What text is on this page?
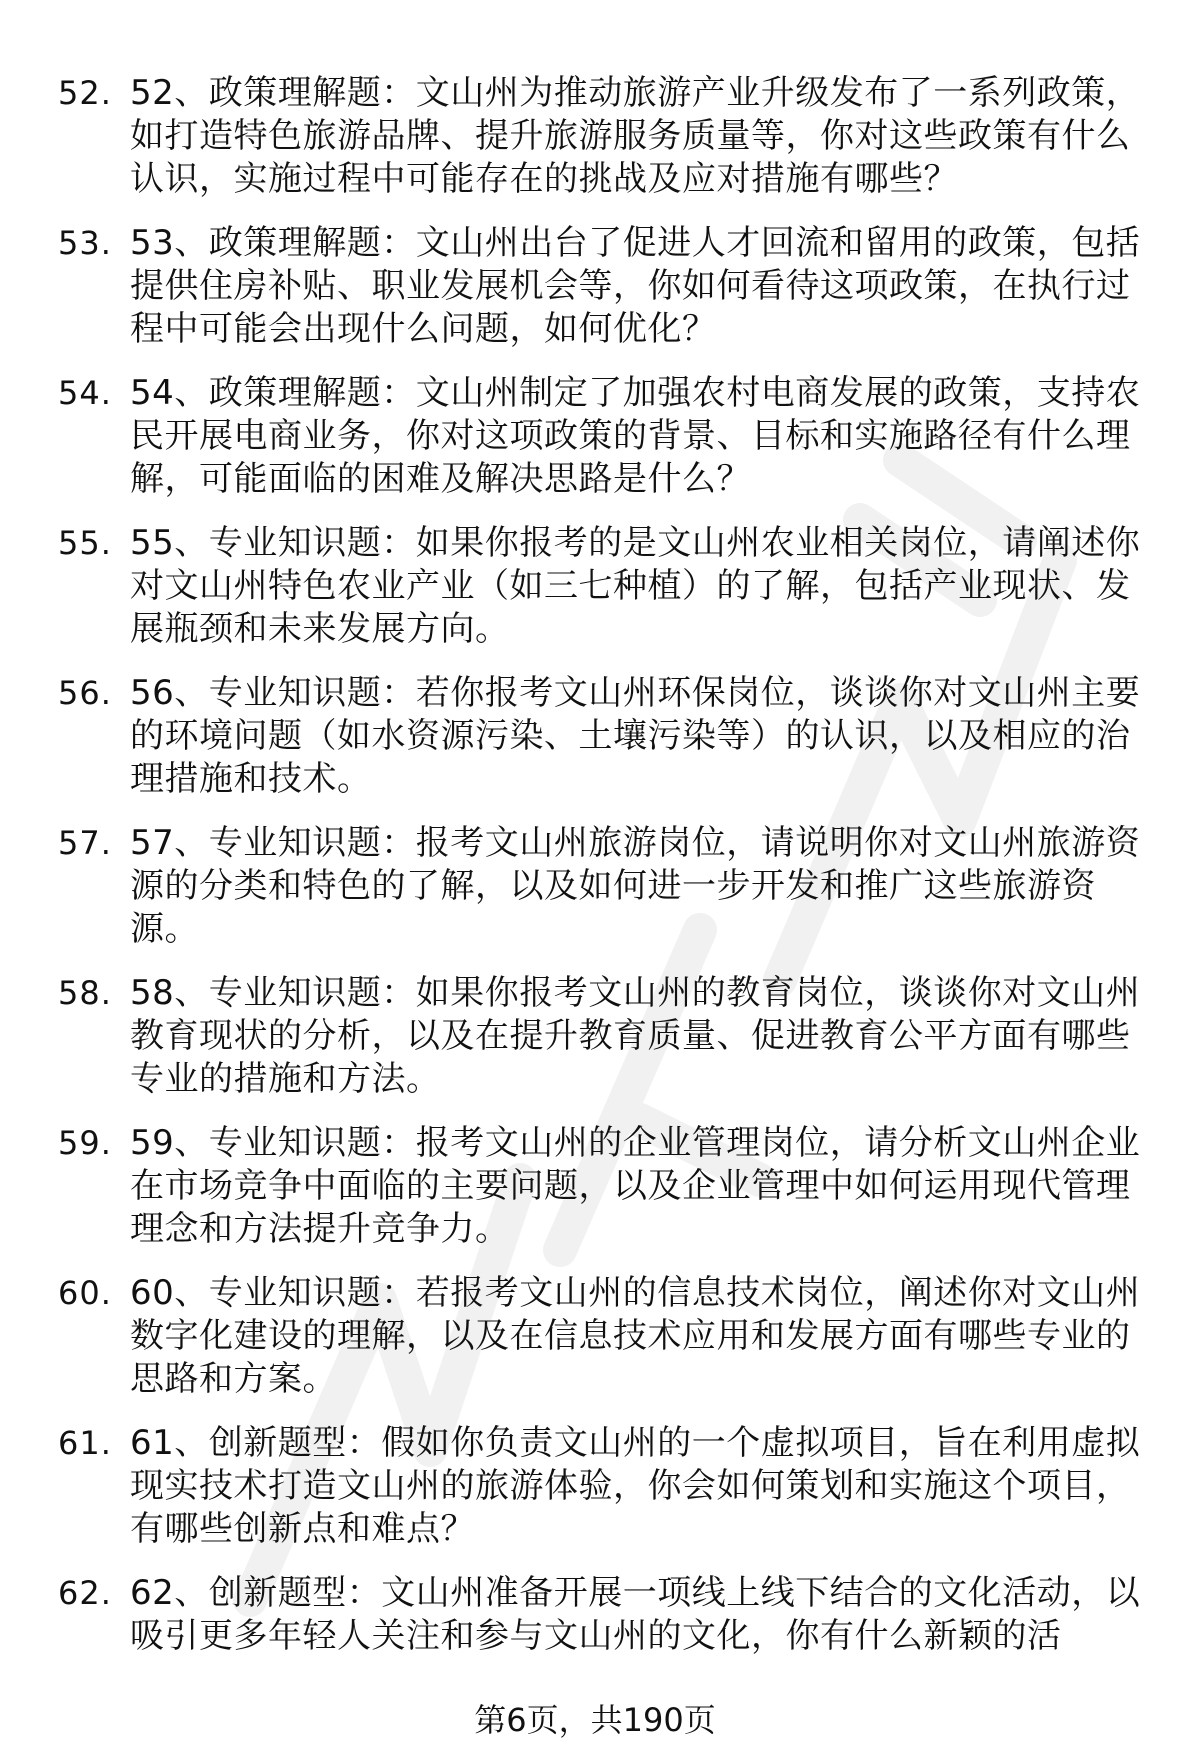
52. 52、政策理解题：文山州为推动旅游产业升级发布了一系列政策，如打造特色旅游品牌、提升旅游服务质量等，你对这些政策有什么认识，实施过程中可能存在的挑战及应对措施有哪些？
53. 53、政策理解题：文山州出台了促进人才回流和留用的政策，包括提供住房补贴、职业发展机会等，你如何看待这项政策，在执行过程中可能会出现什么问题，如何优化？
54. 54、政策理解题：文山州制定了加强农村电商发展的政策，支持农民开展电商业务，你对这项政策的背景、目标和实施路径有什么理解，可能面临的困难及解决思路是什么？
55. 55、专业知识题：如果你报考的是文山州农业相关岗位，请阐述你对文山州特色农业产业（如三七种植）的了解，包括产业现状、发展瓶颈和未来发展方向。
56. 56、专业知识题：若你报考文山州环保岗位，谈谈你对文山州主要的环境问题（如水资源污染、土壤污染等）的认识，以及相应的治理措施和技术。
57. 57、专业知识题：报考文山州旅游岗位，请说明你对文山州旅游资源的分类和特色的了解，以及如何进一步开发和推广这些旅游资源。
58. 58、专业知识题：如果你报考文山州的教育岗位，谈谈你对文山州教育现状的分析，以及在提升教育质量、促进教育公平方面有哪些专业的措施和方法。
59. 59、专业知识题：报考文山州的企业管理岗位，请分析文山州企业在市场竞争中面临的主要问题，以及企业管理中如何运用现代管理理念和方法提升竞争力。
60. 60、专业知识题：若报考文山州的信息技术岗位，阐述你对文山州数字化建设的理解，以及在信息技术应用和发展方面有哪些专业的思路和方案。
61. 61、创新题型：假如你负责文山州的一个虚拟项目，旨在利用虚拟现实技术打造文山州的旅游体验，你会如何策划和实施这个项目，有哪些创新点和难点？
62. 62、创新题型：文山州准备开展一项线上线下结合的文化活动，以吸引更多年轻人关注和参与文山州的文化，你有什么新颖的活
第6页，共190页
